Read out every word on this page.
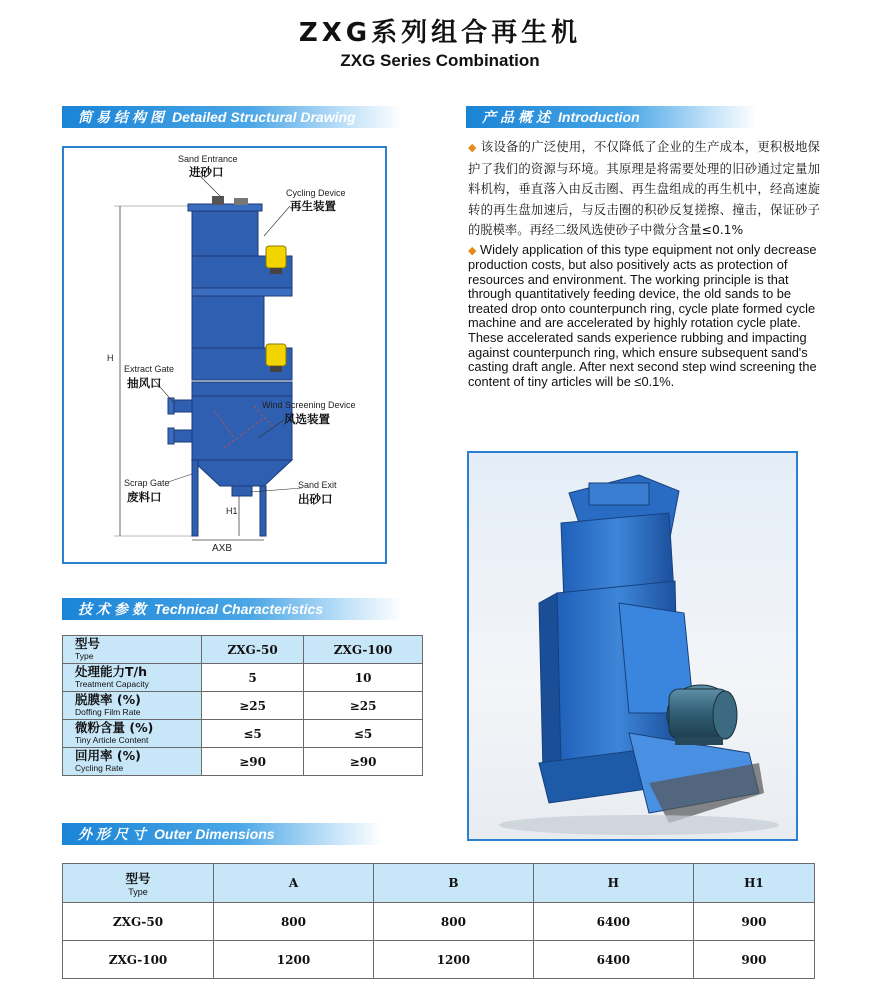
ZXG系列组合再生机
ZXG Series Combination
简易结构图 Detailed Structural Drawing	产品概述 Introduction
技术参数 Technical Characteristics
外形尺寸 Outer Dimensions
Sand Entrance
进砂口
Cycling Device
再生装置
H
Extract Gate
抽风口
Wind Screening Device
风选装置
Scrap Gate
废料口
Sand Exit
出砂口
H1
AXB
◆ 该设备的广泛使用，不仅降低了企业的生产成本，更积极地保护了我们的资源与环境。其原理是将需要处理的旧砂通过定量加料机构，垂直落入由反击圈、再生盘组成的再生机中，经高速旋转的再生盘加速后，与反击圈的积砂反复搓擦、撞击，保证砂子的脱模率。再经二级风选使砂子中微分含量≤0.1%
◆ Widely application of this type equipment not only decrease production costs, but also positively acts as protection of resources and environment. The working principle is that through quantitatively feeding device, the old sands to be treated drop onto counterpunch ring, cycle plate formed cycle machine and are accelerated by highly rotation cycle plate. These accelerated sands experience rubbing and impacting against counterpunch ring, which ensure subsequent sand's casting draft angle. After next second step wind screening the content of tiny articles will be ≤0.1%.
型号
Type	ZXG-50	ZXG-100

处理能力T/h
Treatment Capacity	5	10

脱膜率 (%)
Doffing Film Rate	≥25	≥25

微粉含量 (%)
Tiny Article Content	≤5	≤5

回用率 (%)
Cycling Rate	≥90	≥90
型号
Type	A	B	H	H1
ZXG-50	800	800	6400	900
ZXG-100	1200	1200	6400	900
